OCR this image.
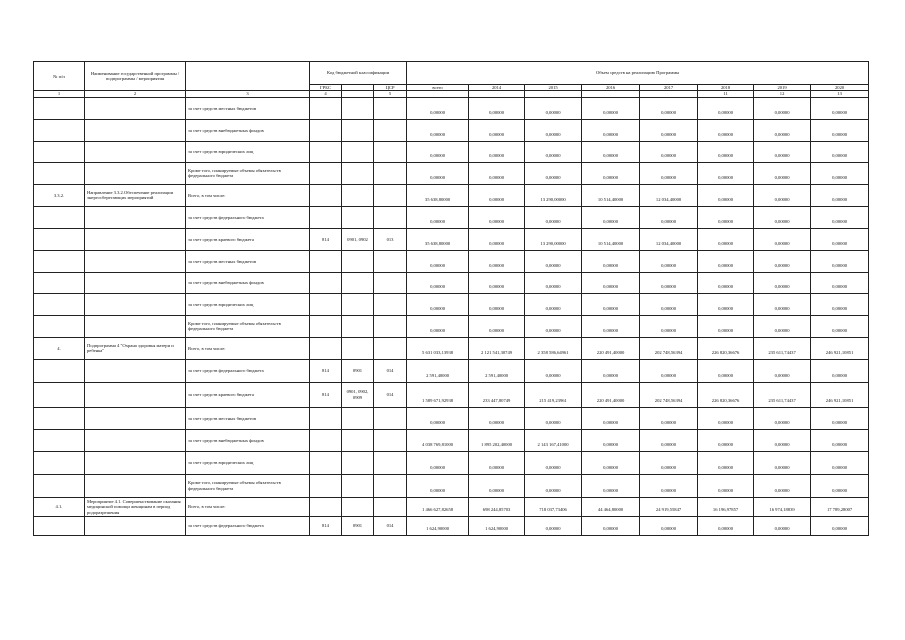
№ п/п	Наименование государственной программы / подпрограммы / мероприятия		Код бюджетной классификации			Объем средств на реализацию Программы							
			ГРБС		ЦСР	всего	2014	2015	2016	2017	2018	2019	2020
1	2	3	4		5						11	12	13
		за счет средств местных бюджетов				0,00000	0,00000	0,00000	0,00000	0,00000	0,00000	0,00000	0,00000
		за счет средств внебюджетных фондов				0,00000	0,00000	0,00000	0,00000	0,00000	0,00000	0,00000	0,00000
		за счет средств юридических лиц				0,00000	0,00000	0,00000	0,00000	0,00000	0,00000	0,00000	0,00000
		Кроме того, планируемые объемы обязательств федерального бюджета				0,00000	0,00000	0,00000	0,00000	0,00000	0,00000	0,00000	0,00000
3.3.2.	Направление 3.3.2.Обеспечение реализации энергосберегающих мероприятий	Всего, в том числе:				35 638,80000	0,00000	13 290,00000	10 514,40000	12 034,40000	0,00000	0,00000	0,00000
		за счет средств федерального бюджета				0,00000	0,00000	0,00000	0,00000	0,00000	0,00000	0,00000	0,00000
		за счет средств краевого бюджета	814	0901, 0902	013	35 638,80000	0,00000	13 290,00000	10 514,40000	12 034,40000	0,00000	0,00000	0,00000
		за счет средств местных бюджетов				0,00000	0,00000	0,00000	0,00000	0,00000	0,00000	0,00000	0,00000
		за счет средств внебюджетных фондов				0,00000	0,00000	0,00000	0,00000	0,00000	0,00000	0,00000	0,00000
		за счет средств юридических лиц				0,00000	0,00000	0,00000	0,00000	0,00000	0,00000	0,00000	0,00000
		Кроме того, планируемые объемы обязательств федерального бюджета				0,00000	0,00000	0,00000	0,00000	0,00000	0,00000	0,00000	0,00000
4.	Подпрограмма 4 "Охрана здоровья матери и ребенка"	Всего, в том числе:				5 631 033,13938	2 121 541,30749	2 358 586,64961	220 491,40000	202 748,56394	226 820,36676	235 611,74437	246 921,10851
		за счет средств федерального бюджета	814	0901	014	2 591,40000	2 591,40000	0,00000	0,00000	0,00000	0,00000	0,00000	0,00000
		за счет средств краевого бюджета	814	0901, 0902, 0909	014	1 589 671,92938	233 447,80749	215 419,23961	220 491,40000	202 748,56394	226 820,36676	235 611,74437	246 921,10851
		за счет средств местных бюджетов				0,00000	0,00000	0,00000	0,00000	0,00000	0,00000	0,00000	0,00000
		за счет средств внебюджетных фондов				4 038 769,81000	1 895 202,40000	2 143 167,41000	0,00000	0,00000	0,00000	0,00000	0,00000
		за счет средств юридических лиц				0,00000	0,00000	0,00000	0,00000	0,00000	0,00000	0,00000	0,00000
		Кроме того, планируемые объемы обязательств федерального бюджета				0,00000	0,00000	0,00000	0,00000	0,00000	0,00000	0,00000	0,00000
4.1.	Мероприятие 4.1. Совершенствование оказания медицинской помощи женщинам в период родоразрешения	Всего, в том числе:				1 466 627,82658	698 244,85703	718 037,73406	44 464,80000	24 919,55847	16 196,97857	16 974,18839	17 789,28007
		за счет средств федерального бюджета	814	0901	014	1 624,90000	1 624,90000	0,00000	0,00000	0,00000	0,00000	0,00000	0,00000
